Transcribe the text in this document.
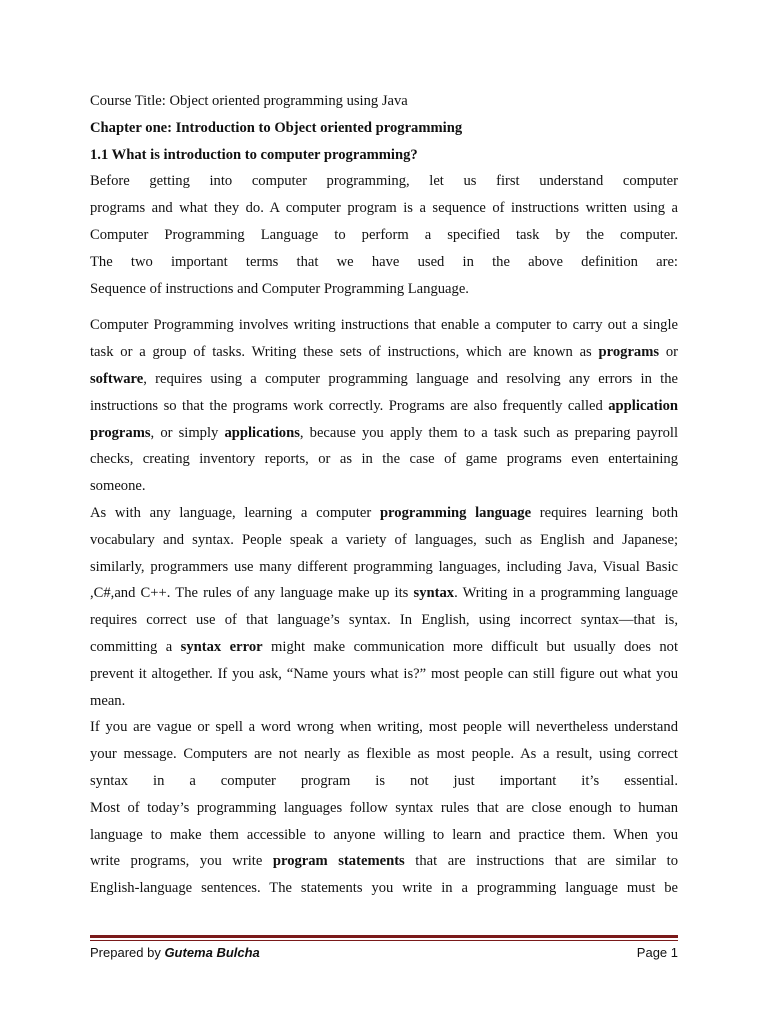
Course Title: Object oriented programming using Java
Chapter one: Introduction to Object oriented programming
1.1 What is introduction to computer programming?
Before getting into computer programming, let us first understand computer
programs and what they do. A computer program is a sequence of instructions written using a
Computer Programming Language to perform a specified task by the computer.
The two important terms that we have used in the above definition are:
Sequence of instructions and Computer Programming Language.
Computer Programming involves writing instructions that enable a computer to carry out a single
task or a group of tasks. Writing these sets of instructions, which are known as programs or
software, requires using a computer programming language and resolving any errors in the
instructions so that the programs work correctly. Programs are also frequently called application
programs, or simply applications, because you apply them to a task such as preparing payroll
checks, creating inventory reports, or as in the case of game programs even entertaining
someone.
As with any language, learning a computer programming language requires learning both
vocabulary and syntax. People speak a variety of languages, such as English and Japanese;
similarly, programmers use many different programming languages, including Java, Visual Basic
,C#,and C++. The rules of any language make up its syntax. Writing in a programming language
requires correct use of that language’s syntax. In English, using incorrect syntax—that is,
committing a syntax error might make communication more difficult but usually does not
prevent it altogether. If you ask, “Name yours what is?” most people can still figure out what you
mean.
If you are vague or spell a word wrong when writing, most people will nevertheless understand
your message. Computers are not nearly as flexible as most people. As a result, using correct
syntax in a computer program is not just important it’s essential.
Most of today’s programming languages follow syntax rules that are close enough to human
language to make them accessible to anyone willing to learn and practice them. When you
write programs, you write program statements that are instructions that are similar to
English-language sentences. The statements you write in a programming language must be
Prepared by Gutema Bulcha	Page 1
